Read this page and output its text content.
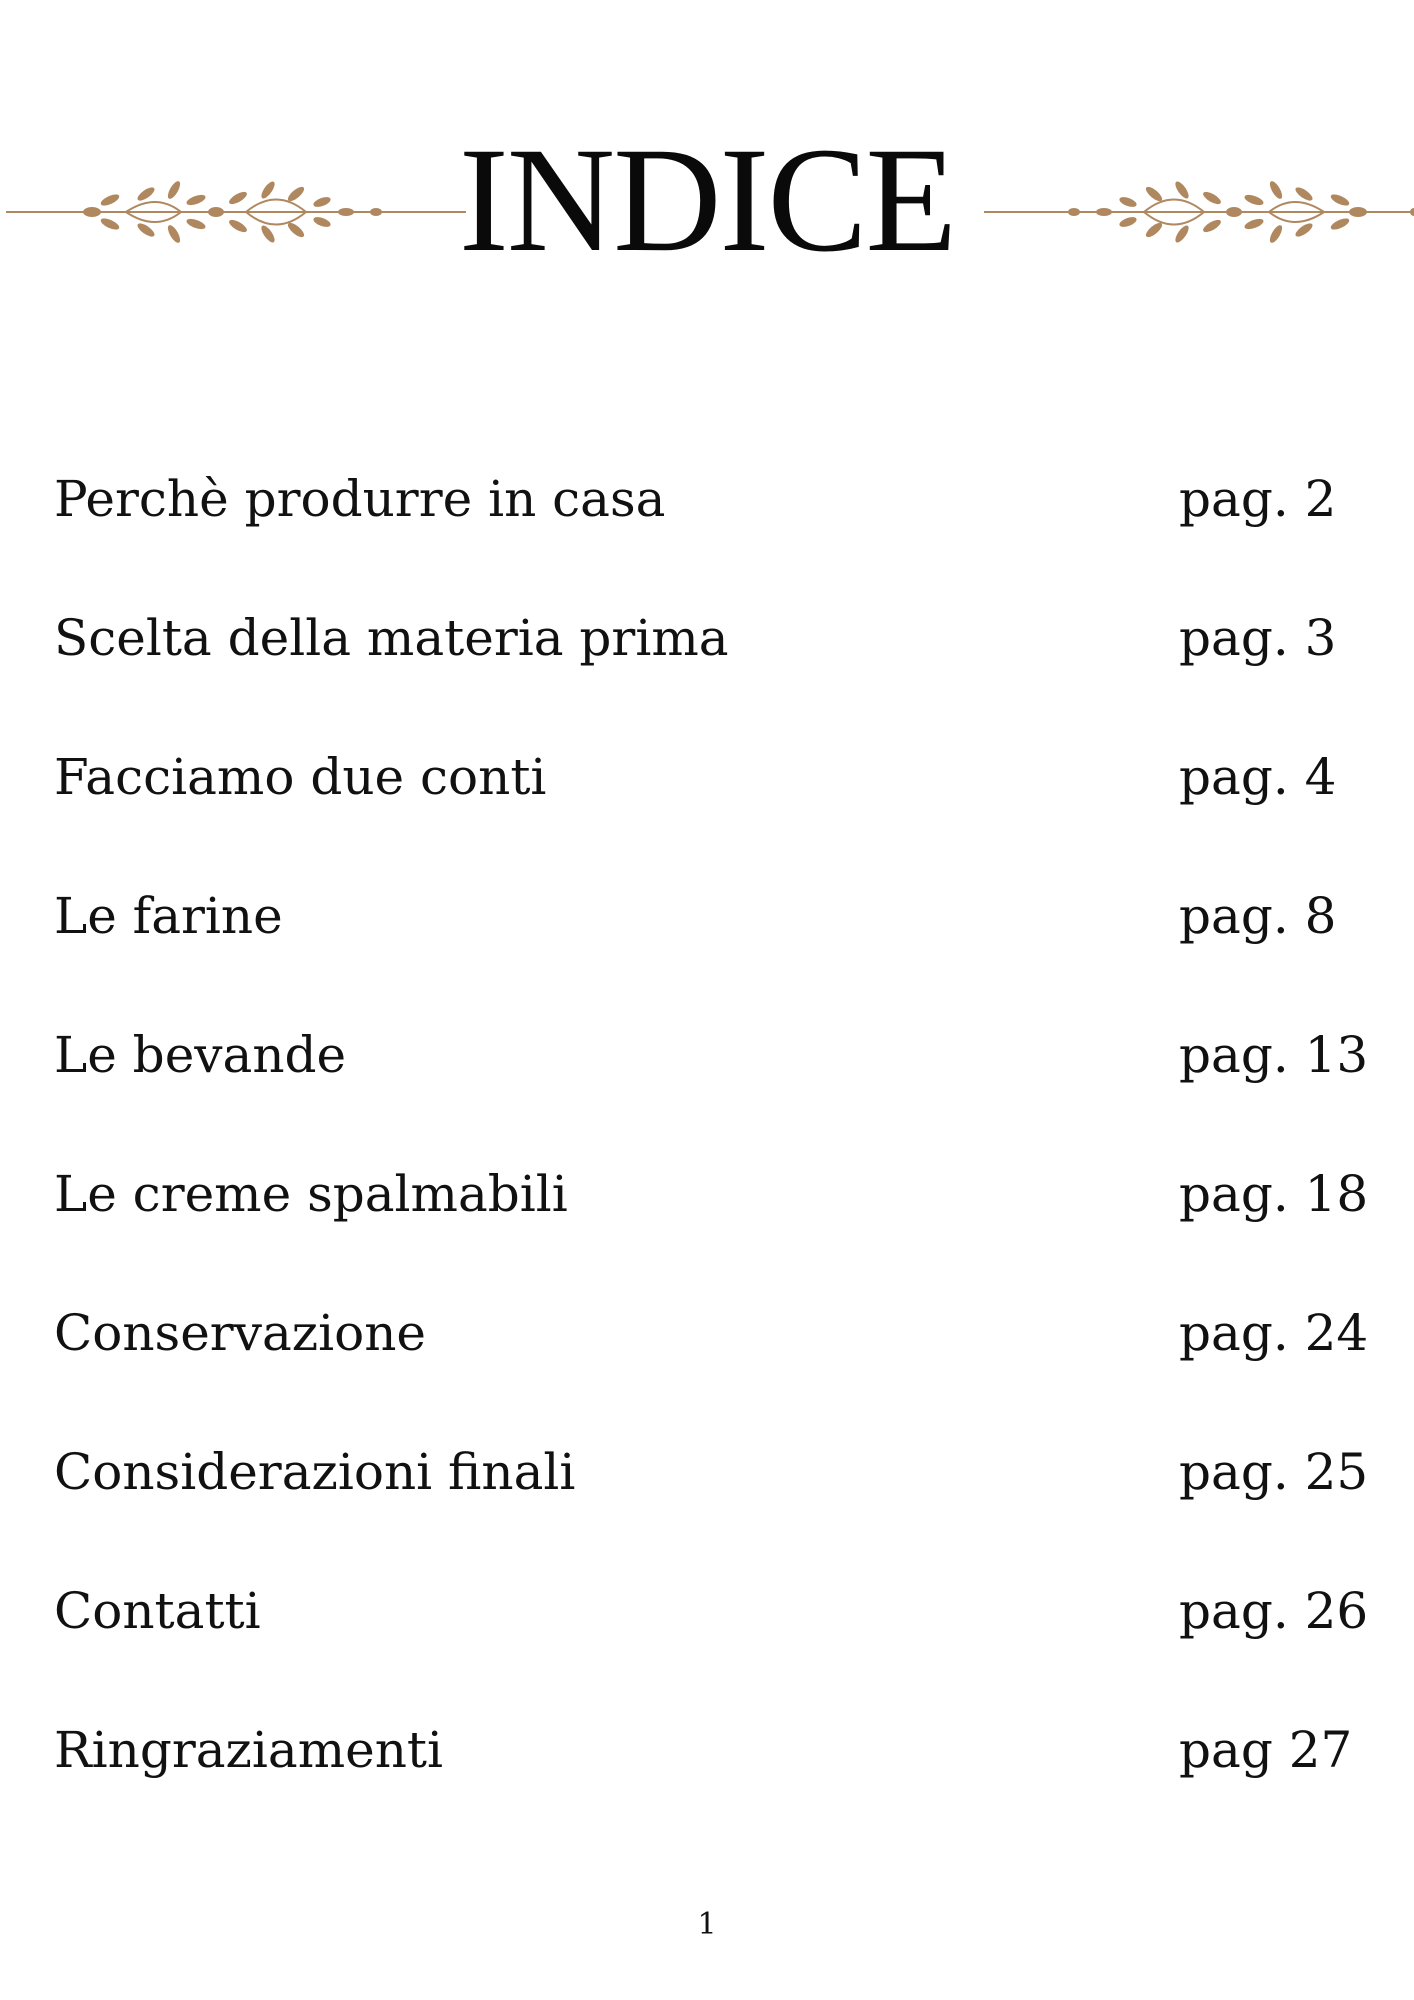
INDICE
Perchè produrre in casa	pag. 2
Scelta della materia prima	pag. 3
Facciamo due conti	pag. 4
Le farine	pag. 8
Le bevande	pag. 13
Le creme spalmabili	pag. 18
Conservazione	pag. 24
Considerazioni finali	pag. 25
Contatti	pag. 26
Ringraziamenti	pag 27
1
